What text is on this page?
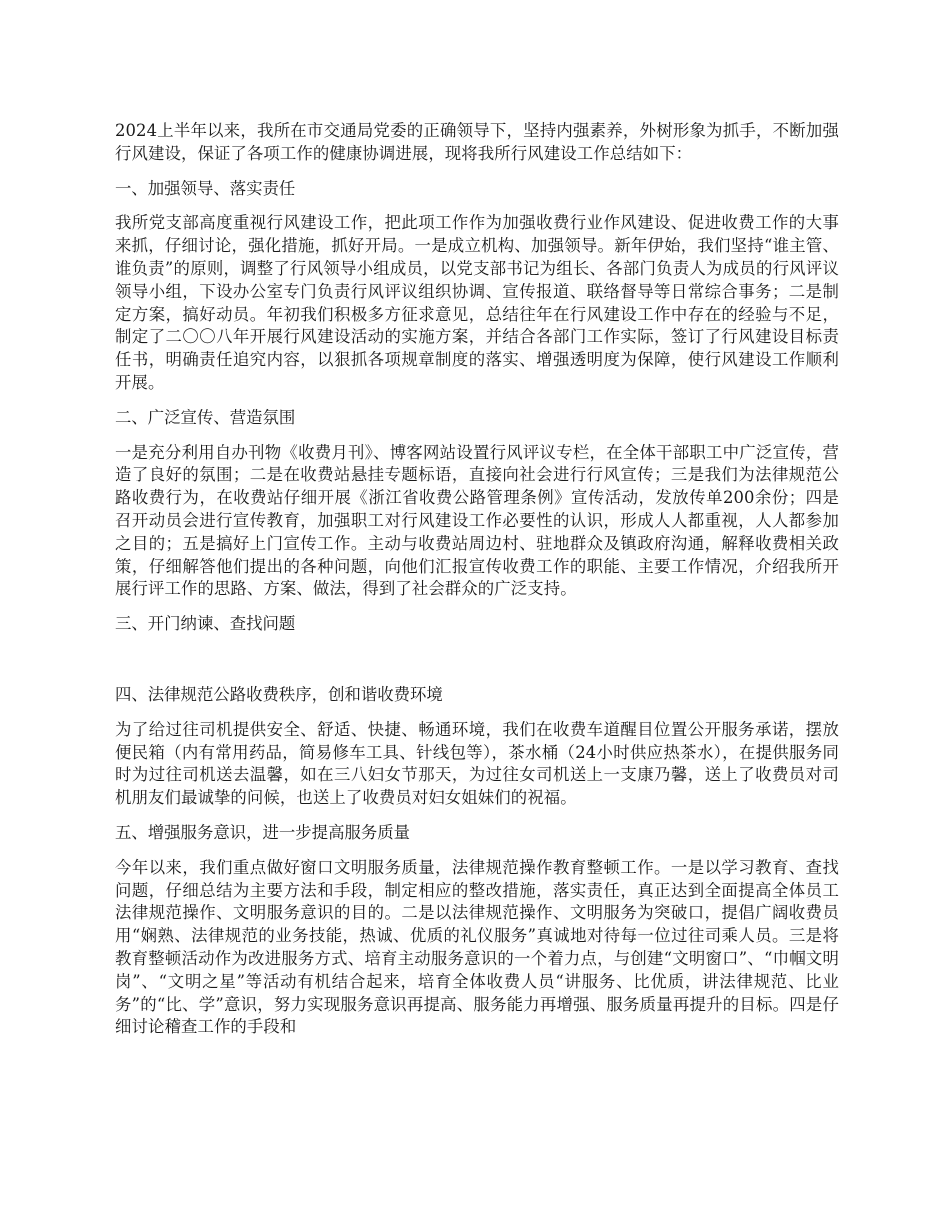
2024上半年以来，我所在市交通局党委的正确领导下，坚持内强素养，外树形象为抓手，不断加强行风建设，保证了各项工作的健康协调进展，现将我所行风建设工作总结如下：

一、加强领导、落实责任

我所党支部高度重视行风建设工作，把此项工作作为加强收费行业作风建设、促进收费工作的大事来抓，仔细讨论，强化措施，抓好开局。一是成立机构、加强领导。新年伊始，我们坚持“谁主管、谁负责”的原则，调整了行风领导小组成员，以党支部书记为组长、各部门负责人为成员的行风评议领导小组，下设办公室专门负责行风评议组织协调、宣传报道、联络督导等日常综合事务；二是制定方案，搞好动员。年初我们积极多方征求意见，总结往年在行风建设工作中存在的经验与不足，制定了二〇〇八年开展行风建设活动的实施方案，并结合各部门工作实际，签订了行风建设目标责任书，明确责任追究内容，以狠抓各项规章制度的落实、增强透明度为保障，使行风建设工作顺利开展。

二、广泛宣传、营造氛围

一是充分利用自办刊物《收费月刊》、博客网站设置行风评议专栏，在全体干部职工中广泛宣传，营造了良好的氛围；二是在收费站悬挂专题标语，直接向社会进行行风宣传；三是我们为法律规范公路收费行为，在收费站仔细开展《浙江省收费公路管理条例》宣传活动，发放传单200余份；四是召开动员会进行宣传教育，加强职工对行风建设工作必要性的认识，形成人人都重视，人人都参加之目的；五是搞好上门宣传工作。主动与收费站周边村、驻地群众及镇政府沟通，解释收费相关政策，仔细解答他们提出的各种问题，向他们汇报宣传收费工作的职能、主要工作情况，介绍我所开展行评工作的思路、方案、做法，得到了社会群众的广泛支持。

三、开门纳谏、查找问题

四、法律规范公路收费秩序，创和谐收费环境

为了给过往司机提供安全、舒适、快捷、畅通环境，我们在收费车道醒目位置公开服务承诺，摆放便民箱（内有常用药品，简易修车工具、针线包等），茶水桶（24小时供应热茶水），在提供服务同时为过往司机送去温馨，如在三八妇女节那天，为过往女司机送上一支康乃馨，送上了收费员对司机朋友们最诚挚的问候，也送上了收费员对妇女姐妹们的祝福。

五、增强服务意识，进一步提高服务质量

今年以来，我们重点做好窗口文明服务质量，法律规范操作教育整顿工作。一是以学习教育、查找问题，仔细总结为主要方法和手段，制定相应的整改措施，落实责任，真正达到全面提高全体员工法律规范操作、文明服务意识的目的。二是以法律规范操作、文明服务为突破口，提倡广阔收费员用“娴熟、法律规范的业务技能，热诚、优质的礼仪服务”真诚地对待每一位过往司乘人员。三是将教育整顿活动作为改进服务方式、培育主动服务意识的一个着力点，与创建“文明窗口”、“巾帼文明岗”、“文明之星”等活动有机结合起来，培育全体收费人员“讲服务、比优质，讲法律规范、比业务”的“比、学”意识，努力实现服务意识再提高、服务能力再增强、服务质量再提升的目标。四是仔细讨论稽查工作的手段和
